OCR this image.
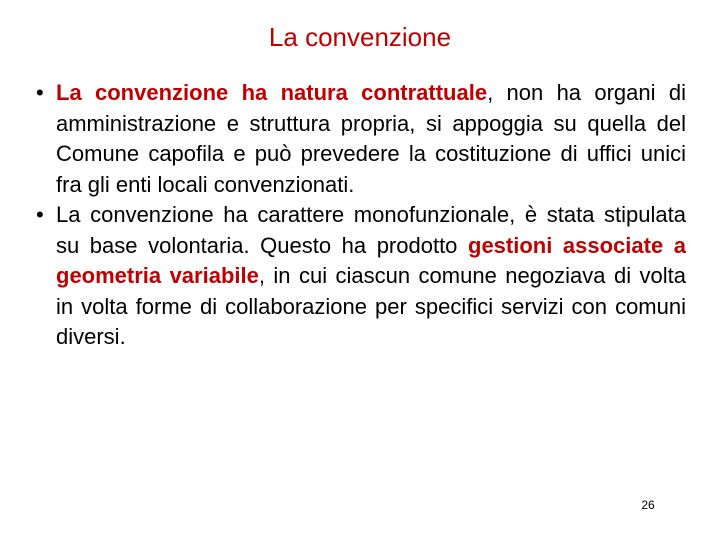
La convenzione
• La convenzione ha natura contrattuale, non ha organi di amministrazione e struttura propria, si appoggia su quella del Comune capofila e può prevedere la costituzione di uffici unici fra gli enti locali convenzionati.
• La convenzione ha carattere monofunzionale, è stata stipulata su base volontaria. Questo ha prodotto gestioni associate a geometria variabile, in cui ciascun comune negoziava di volta in volta forme di collaborazione per specifici servizi con comuni diversi.
26
